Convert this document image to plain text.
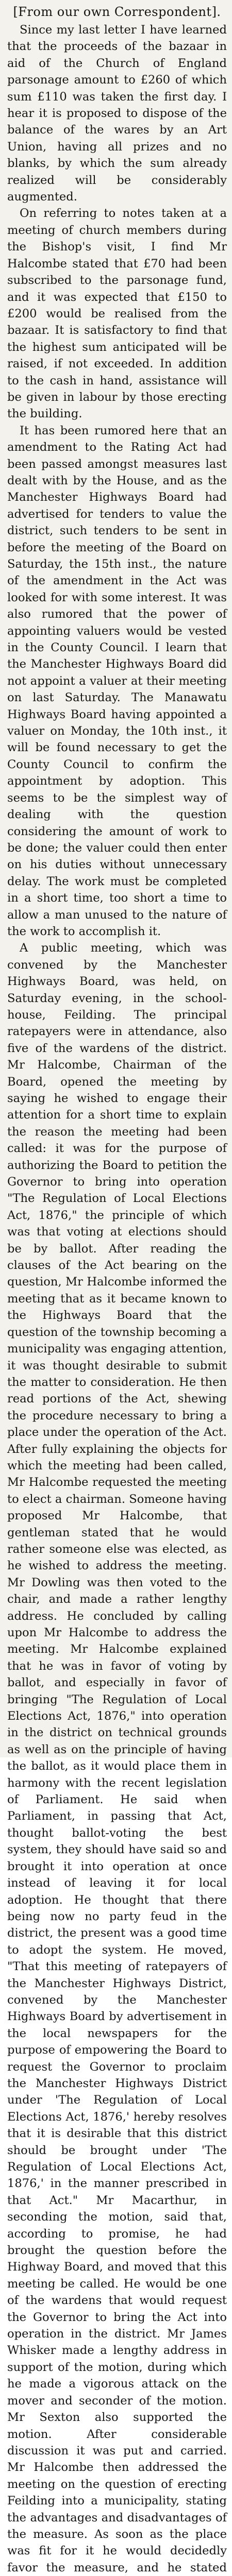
[From our own Correspondent].

Since my last letter I have learned that the proceeds of the bazaar in aid of the Church of England parsonage amount to £260 of which sum £110 was taken the first day. I hear it is proposed to dispose of the balance of the wares by an Art Union, having all prizes and no blanks, by which the sum already realized will be considerably augmented.

On referring to notes taken at a meeting of church members during the Bishop's visit, I find Mr Halcombe stated that £70 had been subscribed to the parsonage fund, and it was expected that £150 to £200 would be realised from the bazaar. It is satisfactory to find that the highest sum anticipated will be raised, if not exceeded. In addition to the cash in hand, assistance will be given in labour by those erecting the building.

It has been rumored here that an amendment to the Rating Act had been passed amongst measures last dealt with by the House, and as the Manchester Highways Board had advertised for tenders to value the district, such tenders to be sent in before the meeting of the Board on Saturday, the 15th inst., the nature of the amendment in the Act was looked for with some interest. It was also rumored that the power of appointing valuers would be vested in the County Council. I learn that the Manchester Highways Board did not appoint a valuer at their meeting on last Saturday. The Manawatu Highways Board having appointed a valuer on Monday, the 10th inst., it will be found necessary to get the County Council to confirm the appointment by adoption. This seems to be the simplest way of dealing with the question considering the amount of work to be done; the valuer could then enter on his duties without unnecessary delay. The work must be completed in a short time, too short a time to allow a man unused to the nature of the work to accomplish it.

A public meeting, which was convened by the Manchester Highways Board, was held, on Saturday evening, in the school-house, Feilding. The principal ratepayers were in attendance, also five of the wardens of the district. Mr Halcombe, Chairman of the Board, opened the meeting by saying he wished to engage their attention for a short time to explain the reason the meeting had been called: it was for the purpose of authorizing the Board to petition the Governor to bring into operation "The Regulation of Local Elections Act, 1876," the principle of which was that voting at elections should be by ballot. After reading the clauses of the Act bearing on the question, Mr Halcombe informed the meeting that as it became known to the Highways Board that the question of the township becoming a municipality was engaging attention, it was thought desirable to submit the matter to consideration. He then read portions of the Act, shewing the procedure necessary to bring a place under the operation of the Act. After fully explaining the objects for which the meeting had been called, Mr Halcombe requested the meeting to elect a chairman. Someone having proposed Mr Halcombe, that gentleman stated that he would rather someone else was elected, as he wished to address the meeting. Mr Dowling was then voted to the chair, and made a rather lengthy address. He concluded by calling upon Mr Halcombe to address the meeting. Mr Halcombe explained that he was in favor of voting by ballot, and especially in favor of bringing "The Regulation of Local Elections Act, 1876," into operation in the district on technical grounds as well as on the principle of having the ballot, as it would place them in harmony with the recent legislation of Parliament. He said when Parliament, in passing that Act, thought ballot-voting the best system, they should have said so and brought it into operation at once instead of leaving it for local adoption. He thought that there being now no party feud in the district, the present was a good time to adopt the system. He moved, "That this meeting of ratepayers of the Manchester Highways District, convened by the Manchester Highways Board by advertisement in the local newspapers for the purpose of empowering the Board to request the Governor to proclaim the Manchester Highways District under 'The Regulation of Local Elections Act, 1876,' hereby resolves that it is desirable that this district should be brought under 'The Regulation of Local Elections Act, 1876,' in the manner prescribed in that Act." Mr Macarthur, in seconding the motion, said that, according to promise, he had brought the question before the Highway Board, and moved that this meeting be called. He would be one of the wardens that would request the Governor to bring the Act into operation in the district. Mr James Whisker made a lengthy address in support of the motion, during which he made a vigorous attack on the mover and seconder of the motion. Mr Sexton also supported the motion. After considerable discussion it was put and carried. Mr Halcombe then addressed the meeting on the question of erecting Feilding into a municipality, stating the advantages and disadvantages of the measure. As soon as the place was fit for it he would decidedly favor the measure, and he stated
